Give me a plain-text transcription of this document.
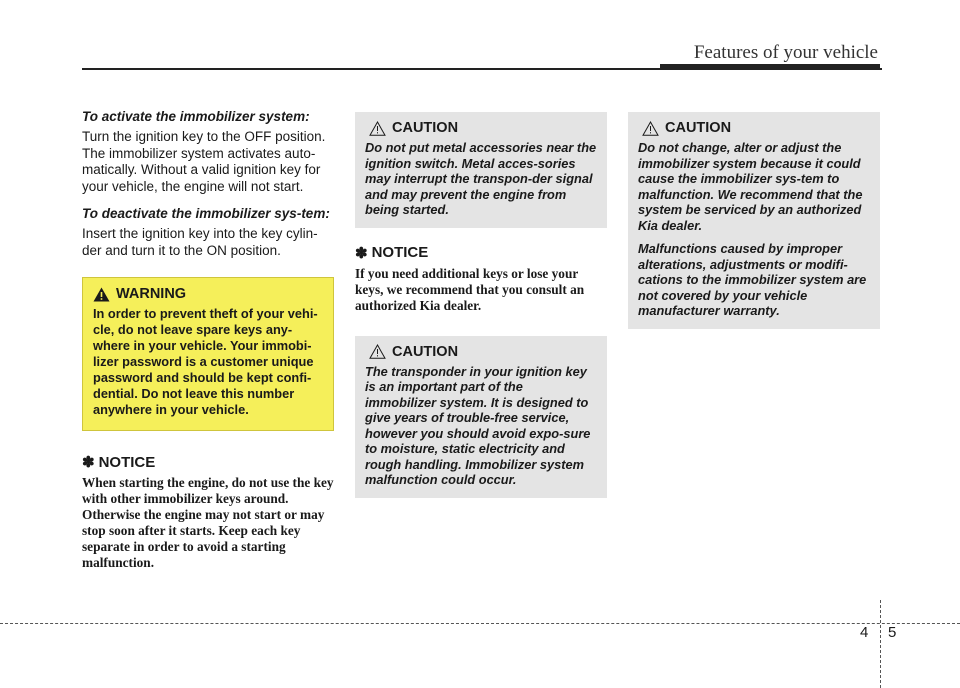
Features of your vehicle

To activate the immobilizer system:

Turn the ignition key to the OFF position. The immobilizer system activates auto-matically. Without a valid ignition key for your vehicle, the engine will not start.

To deactivate the immobilizer sys-tem:

Insert the ignition key into the key cylin-der and turn it to the ON position.

WARNING

In order to prevent theft of your vehi-cle, do not leave spare keys any-where in your vehicle. Your immobi-lizer password is a customer unique password and should be kept confi-dential. Do not leave this number anywhere in your vehicle.

✽ NOTICE

When starting the engine, do not use the key with other immobilizer keys around. Otherwise the engine may not start or may stop soon after it starts. Keep each key separate in order to avoid a starting malfunction.

CAUTION

Do not put metal accessories near the ignition switch. Metal acces-sories may interrupt the transpon-der signal and may prevent the engine from being started.

✽ NOTICE

If you need additional keys or lose your keys, we recommend that you consult an authorized Kia dealer.

CAUTION

The transponder in your ignition key is an important part of the immobilizer system. It is designed to give years of trouble-free service, however you should avoid expo-sure to moisture, static electricity and rough handling. Immobilizer system malfunction could occur.

CAUTION

Do not change, alter or adjust the immobilizer system because it could cause the immobilizer sys-tem to malfunction. We recommend that the system be serviced by an authorized Kia dealer.

Malfunctions caused by improper alterations, adjustments or modifi-cations to the immobilizer system are not covered by your vehicle manufacturer warranty.

4 5
